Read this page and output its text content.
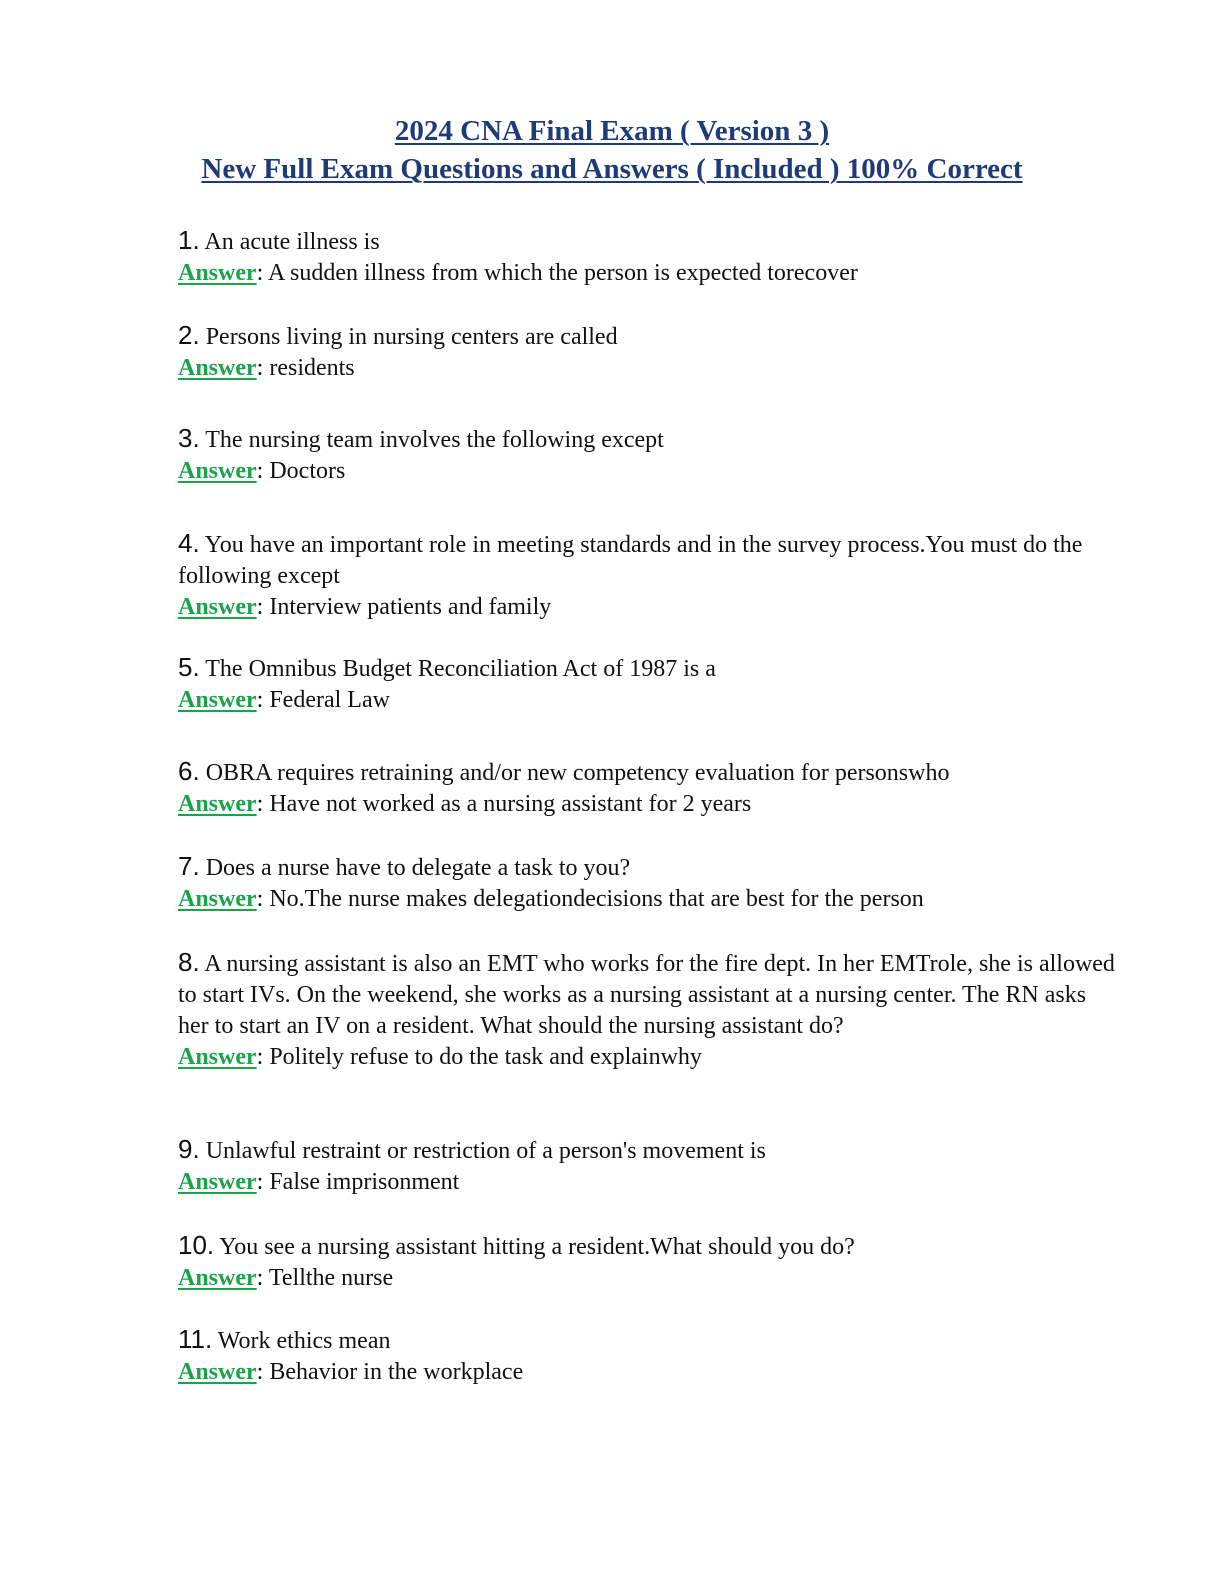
2024 CNA Final Exam ( Version 3 )
New Full Exam Questions and Answers ( Included ) 100% Correct
1. An acute illness is
Answer: A sudden illness from which the person is expected torecover
2. Persons living in nursing centers are called
Answer: residents
3. The nursing team involves the following except
Answer: Doctors
4. You have an important role in meeting standards and in the survey process.You must do the following except
Answer: Interview patients and family
5. The Omnibus Budget Reconciliation Act of 1987 is a
Answer: Federal Law
6. OBRA requires retraining and/or new competency evaluation for personswho
Answer: Have not worked as a nursing assistant for 2 years
7. Does a nurse have to delegate a task to you?
Answer: No.The nurse makes delegationdecisions that are best for the person
8. A nursing assistant is also an EMT who works for the fire dept. In her EMTrole, she is allowed to start IVs. On the weekend, she works as a nursing assistant at a nursing center. The RN asks her to start an IV on a resident. What should the nursing assistant do?
Answer: Politely refuse to do the task and explainwhy
9. Unlawful restraint or restriction of a person's movement is
Answer: False imprisonment
10. You see a nursing assistant hitting a resident.What should you do?
Answer: Tellthe nurse
11. Work ethics mean
Answer: Behavior in the workplace
